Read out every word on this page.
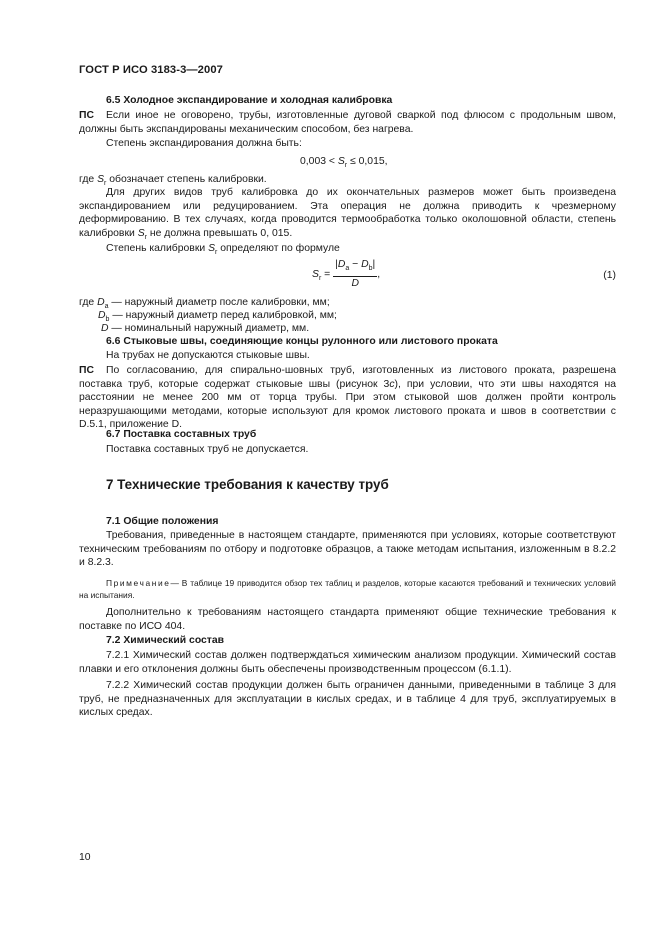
ГОСТ Р ИСО 3183-3—2007
6.5 Холодное экспандирование и холодная калибровка
ПС Если иное не оговорено, трубы, изготовленные дуговой сваркой под флюсом с продольным швом, должны быть экспандированы механическим способом, без нагрева.
Степень экспандирования должна быть:
$0,003 < S_r \le 0,015$,
где $S_r$ обозначает степень калибровки.
Для других видов труб калибровка до их окончательных размеров может быть произведена экспандированием или редуцированием. Эта операция не должна приводить к чрезмерному деформированию. В тех случаях, когда проводится термообработка только околошовной области, степень калибровки $S_r$ не должна превышать 0, 015.
Степень калибровки $S_r$ определяют по формуле
$S_r = \frac{|D_a - D_b|}{D}$ ,	(1)
где $D_a$ — наружный диаметр после калибровки, мм;
$D_b$ — наружный диаметр перед калибровкой, мм;
D — номинальный наружный диаметр, мм.
6.6 Стыковые швы, соединяющие концы рулонного или листового проката
На трубах не допускаются стыковые швы.
ПС По согласованию, для спирально-шовных труб, изготовленных из листового проката, разрешена поставка труб, которые содержат стыковые швы (рисунок 3c), при условии, что эти швы находятся на расстоянии не менее 200 мм от торца трубы. При этом стыковой шов должен пройти контроль неразрушающими методами, которые используют для кромок листового проката и швов в соответствии с D.5.1, приложение D.
6.7 Поставка составных труб
Поставка составных труб не допускается.
7 Технические требования к качеству труб
7.1 Общие положения
Требования, приведенные в настоящем стандарте, применяются при условиях, которые соответствуют техническим требованиям по отбору и подготовке образцов, а также методам испытания, изложенным в 8.2.2 и 8.2.3.
Примечание— В таблице 19 приводится обзор тех таблиц и разделов, которые касаются требований и технических условий на испытания.
Дополнительно к требованиям настоящего стандарта применяют общие технические требования к поставке по ИСО 404.
7.2 Химический состав
7.2.1 Химический состав должен подтверждаться химическим анализом продукции. Химический состав плавки и его отклонения должны быть обеспечены производственным процессом (6.1.1).
7.2.2 Химический состав продукции должен быть ограничен данными, приведенными в таблице 3 для труб, не предназначенных для эксплуатации в кислых средах, и в таблице 4 для труб, эксплуатируемых в кислых средах.
10
